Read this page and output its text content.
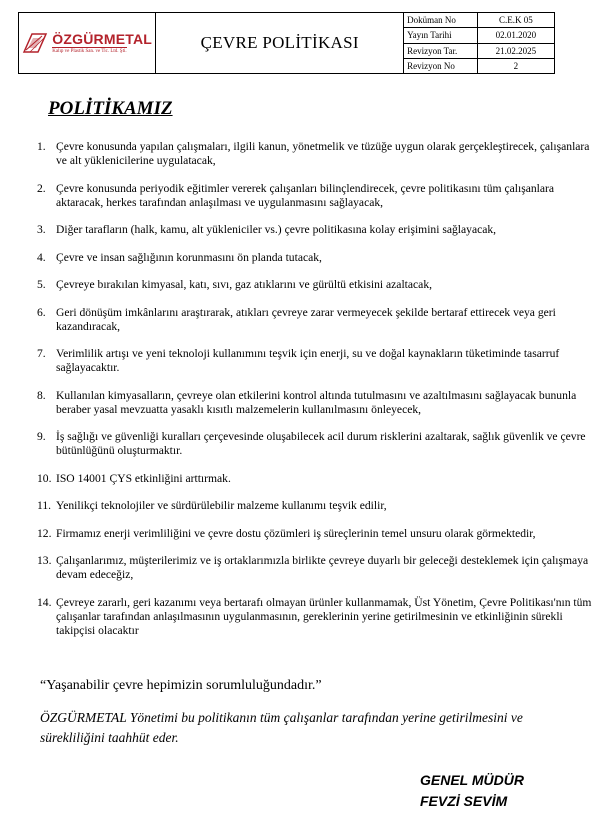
ÖZGÜRMETAL
Kalıp ve Plastik San. ve Tic. Ltd. Şti.	ÇEVRE POLİTİKASI	Doküman No	C.E.K 05
		Yayın Tarihi	02.01.2020
		Revizyon Tar.	21.02.2025
		Revizyon No	2
POLİTİKAMIZ
1. Çevre konusunda yapılan çalışmaları, ilgili kanun, yönetmelik ve tüzüğe uygun olarak gerçekleştirecek, çalışanlara ve alt yüklenicilerine uygulatacak,
2. Çevre konusunda periyodik eğitimler vererek çalışanları bilinçlendirecek, çevre politikasını tüm çalışanlara aktaracak, herkes tarafından anlaşılması ve uygulanmasını sağlayacak,
3. Diğer tarafların (halk, kamu, alt yükleniciler vs.) çevre politikasına kolay erişimini sağlayacak,
4. Çevre ve insan sağlığının korunmasını ön planda tutacak,
5. Çevreye bırakılan kimyasal, katı, sıvı, gaz atıklarını ve gürültü etkisini azaltacak,
6. Geri dönüşüm imkânlarını araştırarak, atıkları çevreye zarar vermeyecek şekilde bertaraf ettirecek veya geri kazandıracak,
7. Verimlilik artışı ve yeni teknoloji kullanımını teşvik için enerji, su ve doğal kaynakların tüketiminde tasarruf sağlayacaktır.
8. Kullanılan kimyasalların, çevreye olan etkilerini kontrol altında tutulmasını ve azaltılmasını sağlayacak bununla beraber yasal mevzuatta yasaklı kısıtlı malzemelerin kullanılmasını önleyecek,
9. İş sağlığı ve güvenliği kuralları çerçevesinde oluşabilecek acil durum risklerini azaltarak, sağlık güvenlik ve çevre bütünlüğünü oluşturmaktır.
10. ISO 14001 ÇYS etkinliğini arttırmak.
11. Yenilikçi teknolojiler ve sürdürülebilir malzeme kullanımı teşvik edilir,
12. Firmamız enerji verimliliğini ve çevre dostu çözümleri iş süreçlerinin temel unsuru olarak görmektedir,
13. Çalışanlarımız, müşterilerimiz ve iş ortaklarımızla birlikte çevreye duyarlı bir geleceği desteklemek için çalışmaya devam edeceğiz,
14. Çevreye zararlı, geri kazanımı veya bertarafı olmayan ürünler kullanmamak, Üst Yönetim, Çevre Politikası'nın tüm çalışanlar tarafından anlaşılmasının uygulanmasının, gereklerinin yerine getirilmesinin ve etkinliğinin sürekli takipçisi olacaktır
“Yaşanabilir çevre hepimizin sorumluluğundadır.”
ÖZGÜRMETAL Yönetimi bu politikanın tüm çalışanlar tarafından yerine getirilmesini ve sürekliliğini taahhüt eder.
GENEL MÜDÜR
FEVZİ SEVİM
